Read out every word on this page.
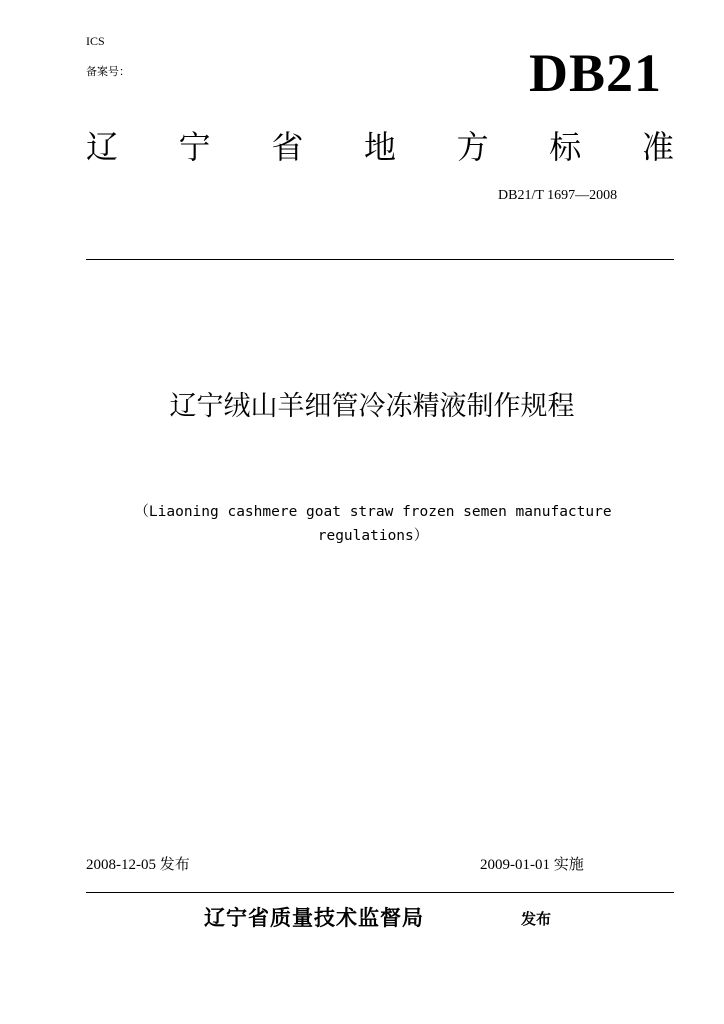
ICS
备案号：	DB21
辽 宁 省 地 方 标 准
DB21/T 1697—2008
辽宁绒山羊细管冷冻精液制作规程
（Liaoning cashmere goat straw frozen semen manufacture
regulations）
2008-12-05 发布	2009-01-01 实施
辽宁省质量技术监督局	发布
